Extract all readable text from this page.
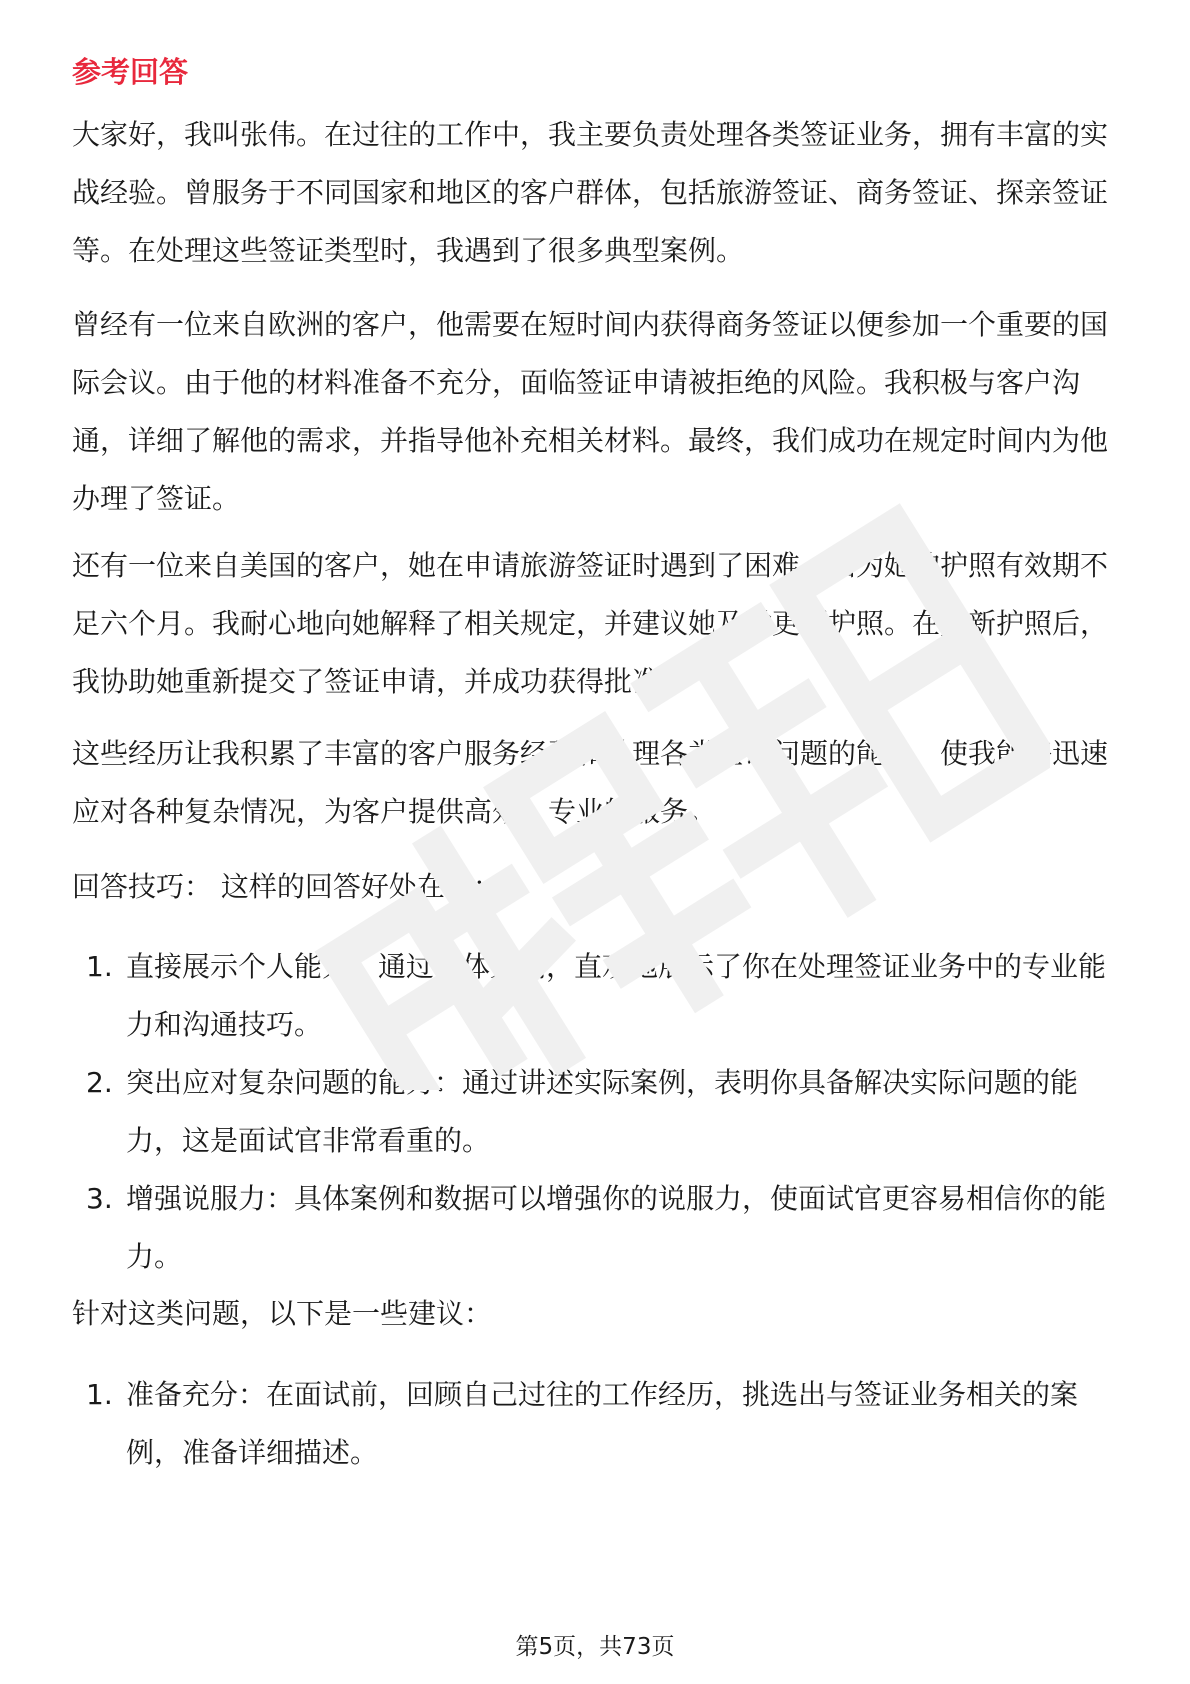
参考回答

大家好，我叫张伟。在过往的工作中，我主要负责处理各类签证业务，拥有丰富的实战经验。曾服务于不同国家和地区的客户群体，包括旅游签证、商务签证、探亲签证等。在处理这些签证类型时，我遇到了很多典型案例。

曾经有一位来自欧洲的客户，他需要在短时间内获得商务签证以便参加一个重要的国际会议。由于他的材料准备不充分，面临签证申请被拒绝的风险。我积极与客户沟通，详细了解他的需求，并指导他补充相关材料。最终，我们成功在规定时间内为他办理了签证。

还有一位来自美国的客户，她在申请旅游签证时遇到了困难，因为她的护照有效期不足六个月。我耐心地向她解释了相关规定，并建议她及时更新护照。在更新护照后，我协助她重新提交了签证申请，并成功获得批准。

这些经历让我积累了丰富的客户服务经验和处理各类签证问题的能力，使我能够迅速应对各种复杂情况，为客户提供高效、专业的服务。

回答技巧： 这样的回答好处在于：

1. 直接展示个人能力：通过具体案例，直观地展示了你在处理签证业务中的专业能力和沟通技巧。
2. 突出应对复杂问题的能力：通过讲述实际案例，表明你具备解决实际问题的能力，这是面试官非常看重的。
3. 增强说服力：具体案例和数据可以增强你的说服力，使面试官更容易相信你的能力。

针对这类问题，以下是一些建议：

1. 准备充分：在面试前，回顾自己过往的工作经历，挑选出与签证业务相关的案例，准备详细描述。
第5页，共73页
